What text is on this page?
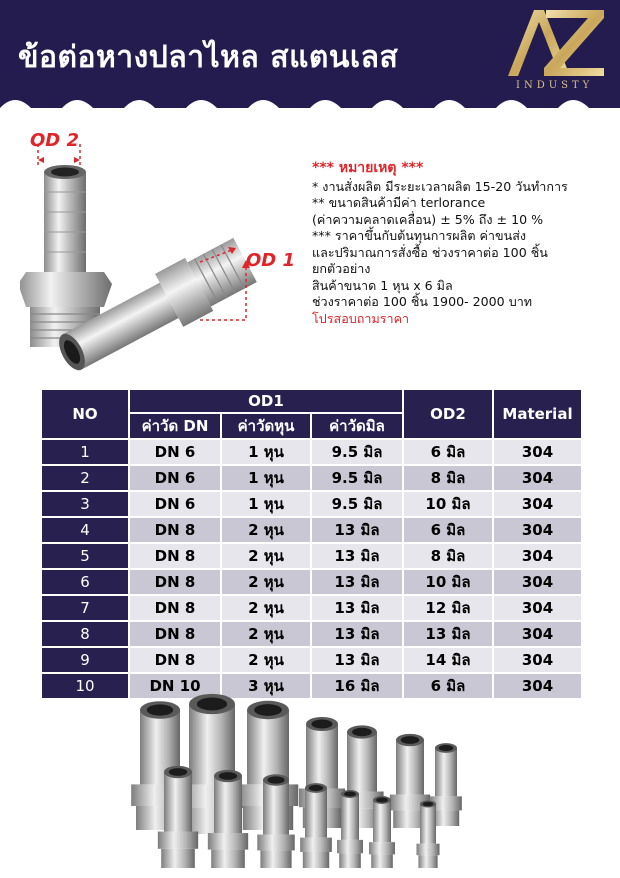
ข้อต่อหางปลาไหล สแตนเลส
INDUSTY
OD 2
OD 1
*** หมายเหตุ ***
* งานสั่งผลิต มีระยะเวลาผลิต 15-20 วันทำการ
** ขนาดสินค้ามีค่า terlorance
(ค่าความคลาดเคลื่อน) ± 5% ถึง ± 10 %
*** ราคาขึ้นกับต้นทุนการผลิต ค่าขนส่ง
และปริมาณการสั่งซื้อ ช่วงราคาต่อ 100 ชิ้น
ยกตัวอย่าง
สินค้าขนาด 1 หุน x 6 มิล
ช่วงราคาต่อ 100 ชิ้น 1900- 2000 บาท
โปรสอบถามราคา
NO	OD1			OD2	Material
	ค่าวัด DN	ค่าวัดหุน	ค่าวัดมิล		
1	DN 6	1 หุน	9.5 มิล	6 มิล	304
2	DN 6	1 หุน	9.5 มิล	8 มิล	304
3	DN 6	1 หุน	9.5 มิล	10 มิล	304
4	DN 8	2 หุน	13 มิล	6 มิล	304
5	DN 8	2 หุน	13 มิล	8 มิล	304
6	DN 8	2 หุน	13 มิล	10 มิล	304
7	DN 8	2 หุน	13 มิล	12 มิล	304
8	DN 8	2 หุน	13 มิล	13 มิล	304
9	DN 8	2 หุน	13 มิล	14 มิล	304
10	DN 10	3 หุน	16 มิล	6 มิล	304
